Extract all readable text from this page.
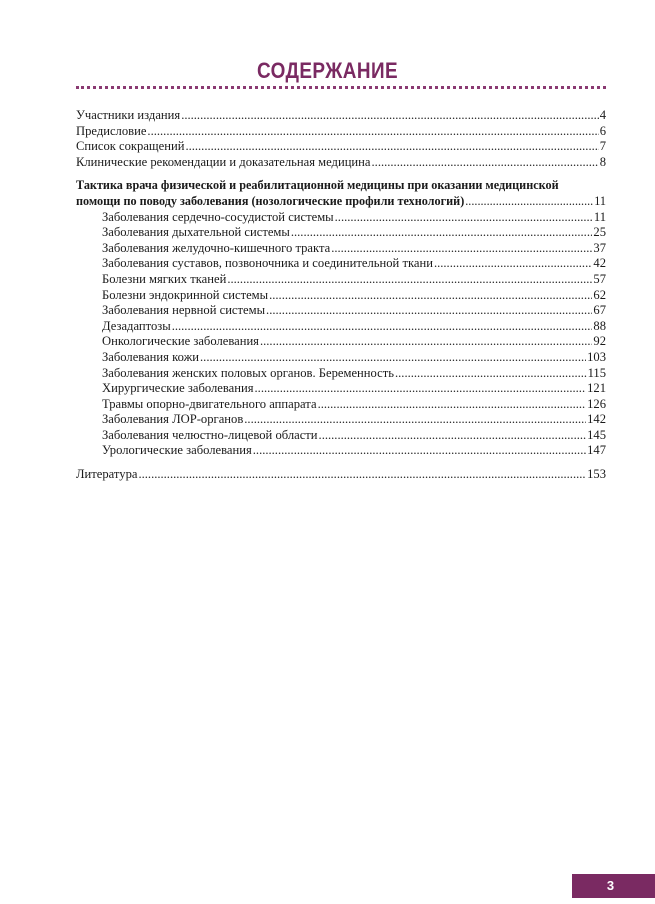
СОДЕРЖАНИЕ
Участники издания .....	4
Предисловие .....	6
Список сокращений .....	7
Клинические рекомендации и доказательная медицина .....	8
Тактика врача физической и реабилитационной медицины при оказании медицинской
помощи по поводу заболевания (нозологические профили технологий) .....	11
Заболевания сердечно-сосудистой системы .....	11
Заболевания дыхательной системы .....	25
Заболевания желудочно-кишечного тракта .....	37
Заболевания суставов, позвоночника и соединительной ткани .....	42
Болезни мягких тканей .....	57
Болезни эндокринной системы .....	62
Заболевания нервной системы .....	67
Дезадаптозы .....	88
Онкологические заболевания .....	92
Заболевания кожи .....	103
Заболевания женских половых органов. Беременность .....	115
Хирургические заболевания .....	121
Травмы опорно-двигательного аппарата .....	126
Заболевания ЛОР-органов .....	142
Заболевания челюстно-лицевой области .....	145
Урологические заболевания .....	147
Литература .....	153
3
